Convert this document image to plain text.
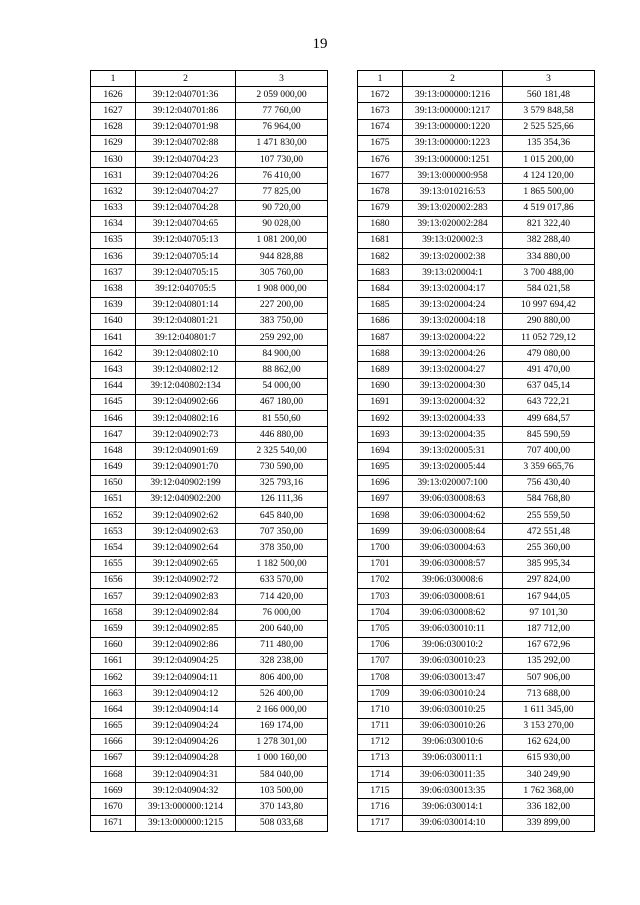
19
1	2	3
1626	39:12:040701:36	2 059 000,00
1627	39:12:040701:86	77 760,00
1628	39:12:040701:98	76 964,00
1629	39:12:040702:88	1 471 830,00
1630	39:12:040704:23	107 730,00
1631	39:12:040704:26	76 410,00
1632	39:12:040704:27	77 825,00
1633	39:12:040704:28	90 720,00
1634	39:12:040704:65	90 028,00
1635	39:12:040705:13	1 081 200,00
1636	39:12:040705:14	944 828,88
1637	39:12:040705:15	305 760,00
1638	39:12:040705:5	1 908 000,00
1639	39:12:040801:14	227 200,00
1640	39:12:040801:21	383 750,00
1641	39:12:040801:7	259 292,00
1642	39:12:040802:10	84 900,00
1643	39:12:040802:12	88 862,00
1644	39:12:040802:134	54 000,00
1645	39:12:040902:66	467 180,00
1646	39:12:040802:16	81 550,60
1647	39:12:040902:73	446 880,00
1648	39:12:040901:69	2 325 540,00
1649	39:12:040901:70	730 590,00
1650	39:12:040902:199	325 793,16
1651	39:12:040902:200	126 111,36
1652	39:12:040902:62	645 840,00
1653	39:12:040902:63	707 350,00
1654	39:12:040902:64	378 350,00
1655	39:12:040902:65	1 182 500,00
1656	39:12:040902:72	633 570,00
1657	39:12:040902:83	714 420,00
1658	39:12:040902:84	76 000,00
1659	39:12:040902:85	200 640,00
1660	39:12:040902:86	711 480,00
1661	39:12:040904:25	328 238,00
1662	39:12:040904:11	806 400,00
1663	39:12:040904:12	526 400,00
1664	39:12:040904:14	2 166 000,00
1665	39:12:040904:24	169 174,00
1666	39:12:040904:26	1 278 301,00
1667	39:12:040904:28	1 000 160,00
1668	39:12:040904:31	584 040,00
1669	39:12:040904:32	103 500,00
1670	39:13:000000:1214	370 143,80
1671	39:13:000000:1215	508 033,68
1	2	3
1672	39:13:000000:1216	560 181,48
1673	39:13:000000:1217	3 579 848,58
1674	39:13:000000:1220	2 525 525,66
1675	39:13:000000:1223	135 354,36
1676	39:13:000000:1251	1 015 200,00
1677	39:13:000000:958	4 124 120,00
1678	39:13:010216:53	1 865 500,00
1679	39:13:020002:283	4 519 017,86
1680	39:13:020002:284	821 322,40
1681	39:13:020002:3	382 288,40
1682	39:13:020002:38	334 880,00
1683	39:13:020004:1	3 700 488,00
1684	39:13:020004:17	584 021,58
1685	39:13:020004:24	10 997 694,42
1686	39:13:020004:18	290 880,00
1687	39:13:020004:22	11 052 729,12
1688	39:13:020004:26	479 080,00
1689	39:13:020004:27	491 470,00
1690	39:13:020004:30	637 045,14
1691	39:13:020004:32	643 722,21
1692	39:13:020004:33	499 684,57
1693	39:13:020004:35	845 590,59
1694	39:13:020005:31	707 400,00
1695	39:13:020005:44	3 359 665,76
1696	39:13:020007:100	756 430,40
1697	39:06:030008:63	584 768,80
1698	39:06:030004:62	255 559,50
1699	39:06:030008:64	472 551,48
1700	39:06:030004:63	255 360,00
1701	39:06:030008:57	385 995,34
1702	39:06:030008:6	297 824,00
1703	39:06:030008:61	167 944,05
1704	39:06:030008:62	97 101,30
1705	39:06:030010:11	187 712,00
1706	39:06:030010:2	167 672,96
1707	39:06:030010:23	135 292,00
1708	39:06:030013:47	507 906,00
1709	39:06:030010:24	713 688,00
1710	39:06:030010:25	1 611 345,00
1711	39:06:030010:26	3 153 270,00
1712	39:06:030010:6	162 624,00
1713	39:06:030011:1	615 930,00
1714	39:06:030011:35	340 249,90
1715	39:06:030013:35	1 762 368,00
1716	39:06:030014:1	336 182,00
1717	39:06:030014:10	339 899,00
